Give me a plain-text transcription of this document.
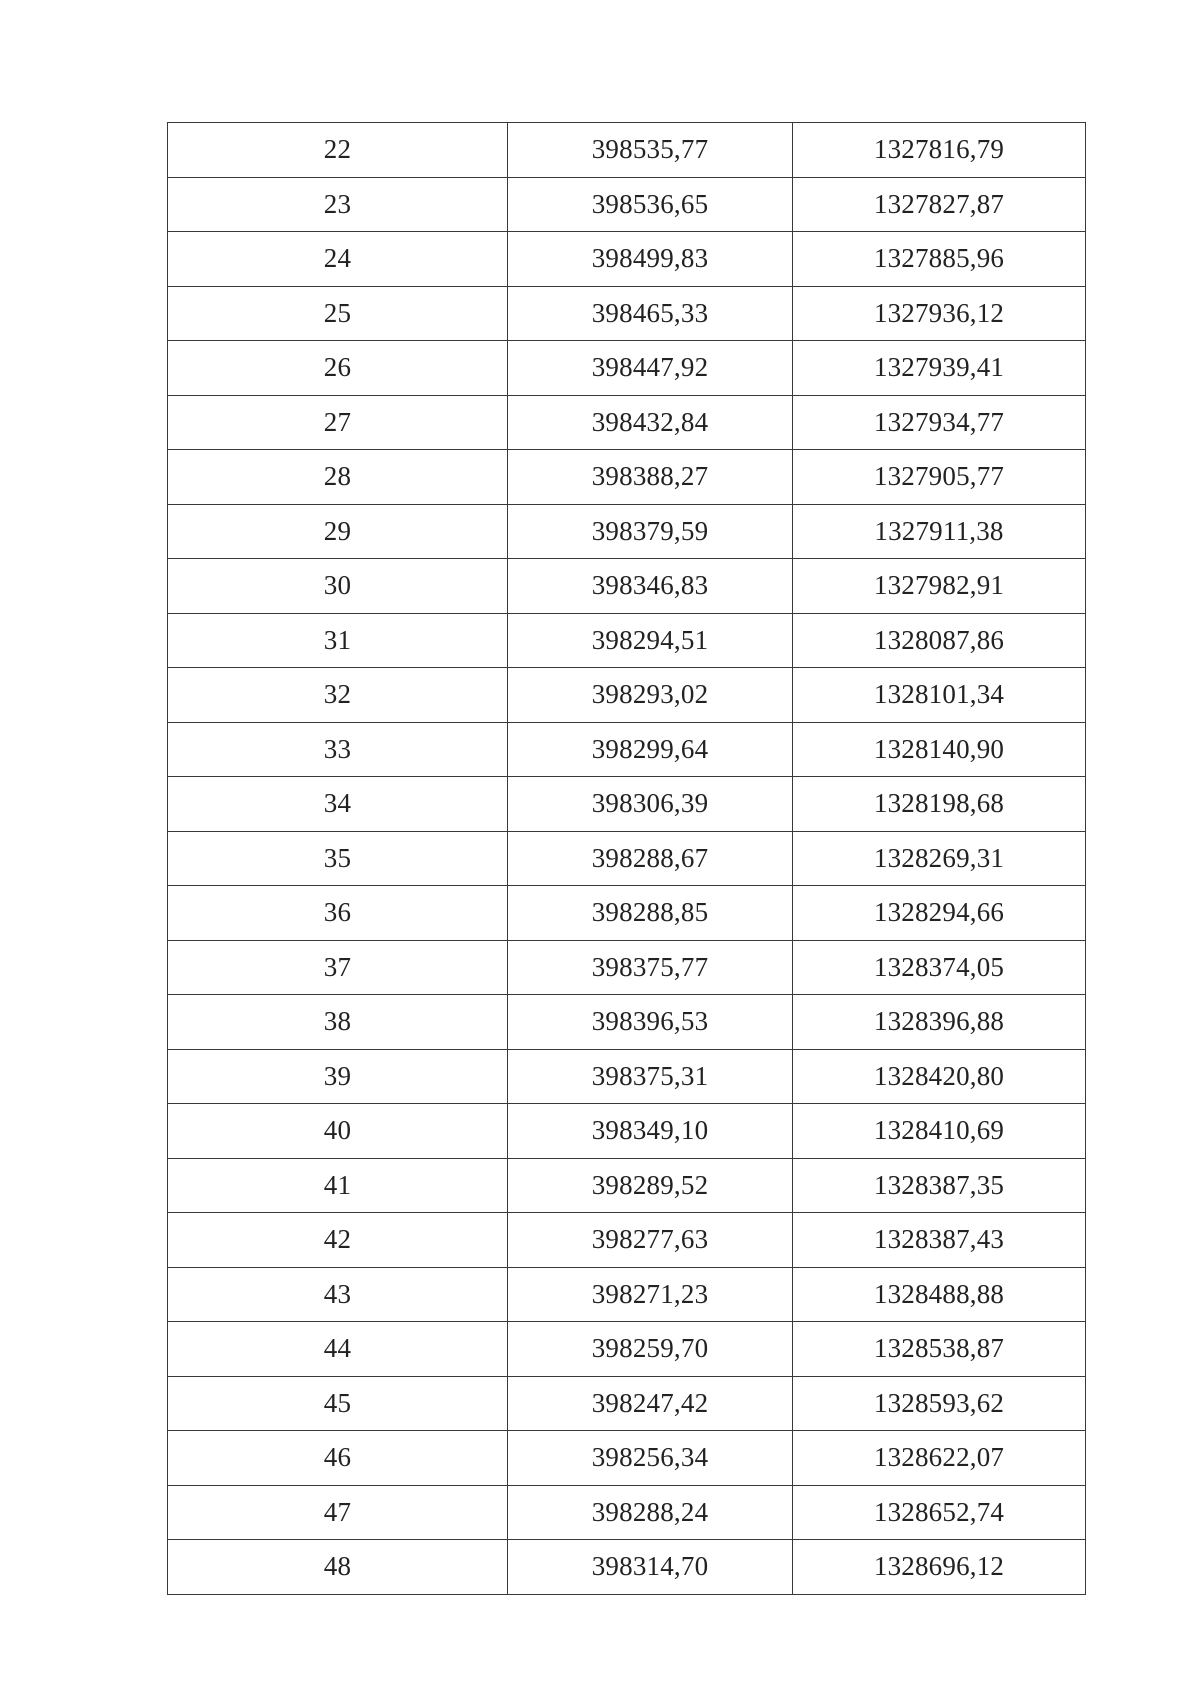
22	398535,77	1327816,79
23	398536,65	1327827,87
24	398499,83	1327885,96
25	398465,33	1327936,12
26	398447,92	1327939,41
27	398432,84	1327934,77
28	398388,27	1327905,77
29	398379,59	1327911,38
30	398346,83	1327982,91
31	398294,51	1328087,86
32	398293,02	1328101,34
33	398299,64	1328140,90
34	398306,39	1328198,68
35	398288,67	1328269,31
36	398288,85	1328294,66
37	398375,77	1328374,05
38	398396,53	1328396,88
39	398375,31	1328420,80
40	398349,10	1328410,69
41	398289,52	1328387,35
42	398277,63	1328387,43
43	398271,23	1328488,88
44	398259,70	1328538,87
45	398247,42	1328593,62
46	398256,34	1328622,07
47	398288,24	1328652,74
48	398314,70	1328696,12
